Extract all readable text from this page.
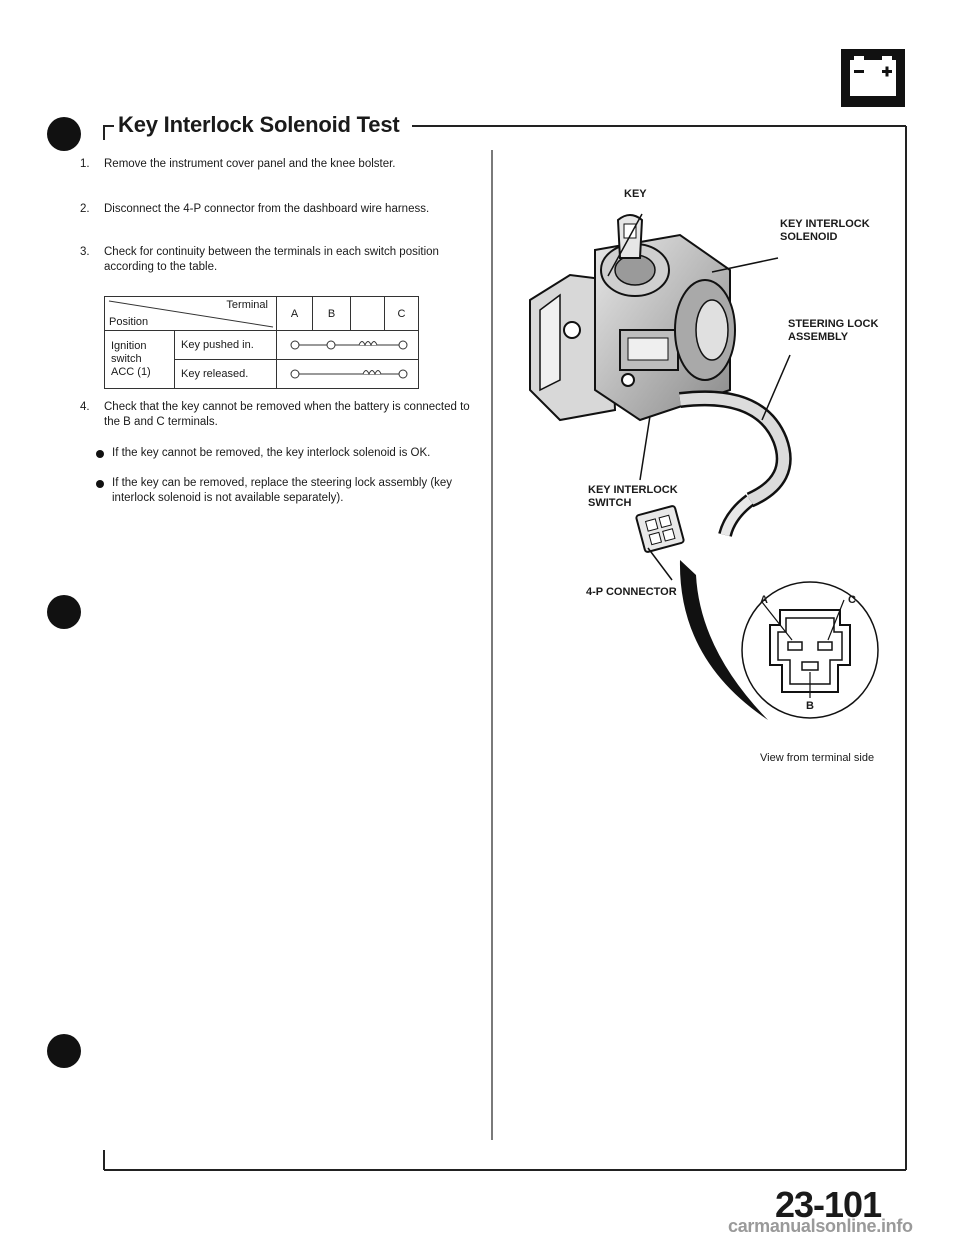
Key Interlock Solenoid Test
1.	Remove the instrument cover panel and the knee bolster.
2.	Disconnect the 4-P connector from the dashboard wire harness.
3.	Check for continuity between the terminals in each switch position according to the table.
Terminal
Position		A	B		C
Ignition
switch
ACC (1)	Key pushed in.	

	Key released.	
4.	Check that the key cannot be removed when the battery is connected to the B and C terminals.
If the key cannot be removed, the key interlock solenoid is OK.
If the key can be removed, replace the steering lock assembly (key interlock solenoid is not available separately).
KEY
KEY INTERLOCK
SOLENOID
STEERING LOCK
ASSEMBLY
KEY INTERLOCK
SWITCH
4-P CONNECTOR
A	C
B
View from terminal side
23-101
carmanualsonline.info
